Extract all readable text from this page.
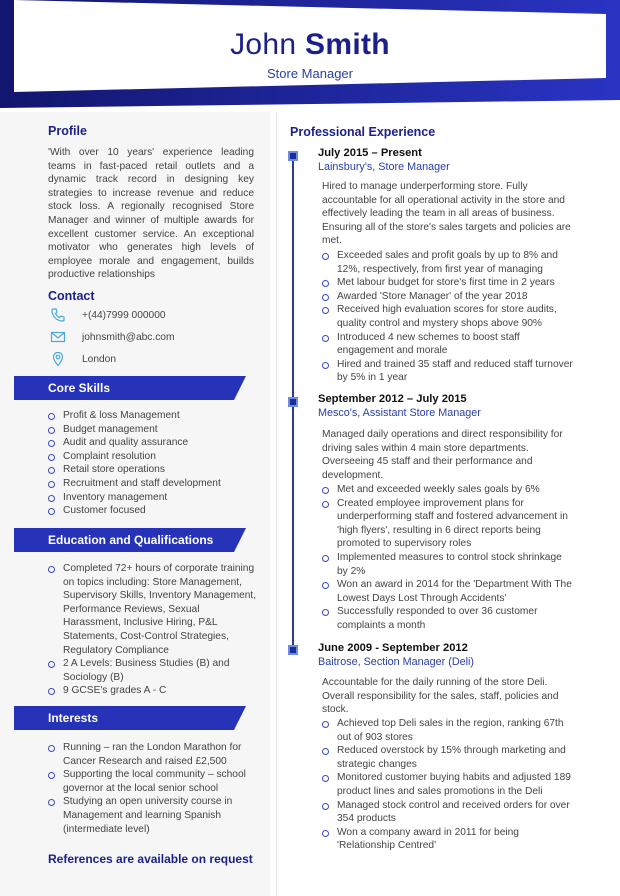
John Smith
Store Manager
Profile
'With over 10 years' experience leading teams in fast-paced retail outlets and a dynamic track record in designing key strategies to increase revenue and reduce stock loss. A regionally recognised Store Manager and winner of multiple awards for excellent customer service. An exceptional motivator who generates high levels of employee morale and engagement, builds productive relationships
Contact
+(44)7999 000000
johnsmith@abc.com
London
Core Skills
Profit & loss Management
Budget management
Audit and quality assurance
Complaint resolution
Retail store operations
Recruitment and staff development
Inventory management
Customer focused
Education and Qualifications
Completed 72+ hours of corporate training on topics including: Store Management, Supervisory Skills, Inventory Management, Performance Reviews, Sexual Harassment, Inclusive Hiring, P&L Statements, Cost-Control Strategies, Regulatory Compliance
2 A Levels: Business Studies (B) and Sociology (B)
9 GCSE's grades A - C
Interests
Running – ran the London Marathon for Cancer Research and raised £2,500
Supporting the local community – school governor at the local senior school
Studying an open university course in Management and learning Spanish (intermediate level)
References are available on request
Professional Experience
July 2015 – Present
Lainsbury's, Store Manager
Hired to manage underperforming store. Fully accountable for all operational activity in the store and effectively leading the team in all areas of business. Ensuring all of the store's sales targets and policies are met.
Exceeded sales and profit goals by up to 8% and 12%, respectively, from first year of managing
Met labour budget for store's first time in 2 years
Awarded 'Store Manager' of the year 2018
Received high evaluation scores for store audits, quality control and mystery shops above 90%
Introduced 4 new schemes to boost staff engagement and morale
Hired and trained 35 staff and reduced staff turnover by 5% in 1 year
September 2012 – July 2015
Mesco's, Assistant Store Manager
Managed daily operations and direct responsibility for driving sales within 4 main store departments. Overseeing 45 staff and their performance and development.
Met and exceeded weekly sales goals by 6%
Created employee improvement plans for underperforming staff and fostered advancement in 'high flyers', resulting in 6 direct reports being promoted to supervisory roles
Implemented measures to control stock shrinkage by 2%
Won an award in 2014 for the 'Department With The Lowest Days Lost Through Accidents'
Successfully responded to over 36 customer complaints a month
June 2009 - September 2012
Baitrose, Section Manager (Deli)
Accountable for the daily running of the store Deli. Overall responsibility for the sales, staff, policies and stock.
Achieved top Deli sales in the region, ranking 67th out of 903 stores
Reduced overstock by 15% through marketing and strategic changes
Monitored customer buying habits and adjusted 189 product lines and sales promotions in the Deli
Managed stock control and received orders for over 354 products
Won a company award in 2011 for being 'Relationship Centred'
